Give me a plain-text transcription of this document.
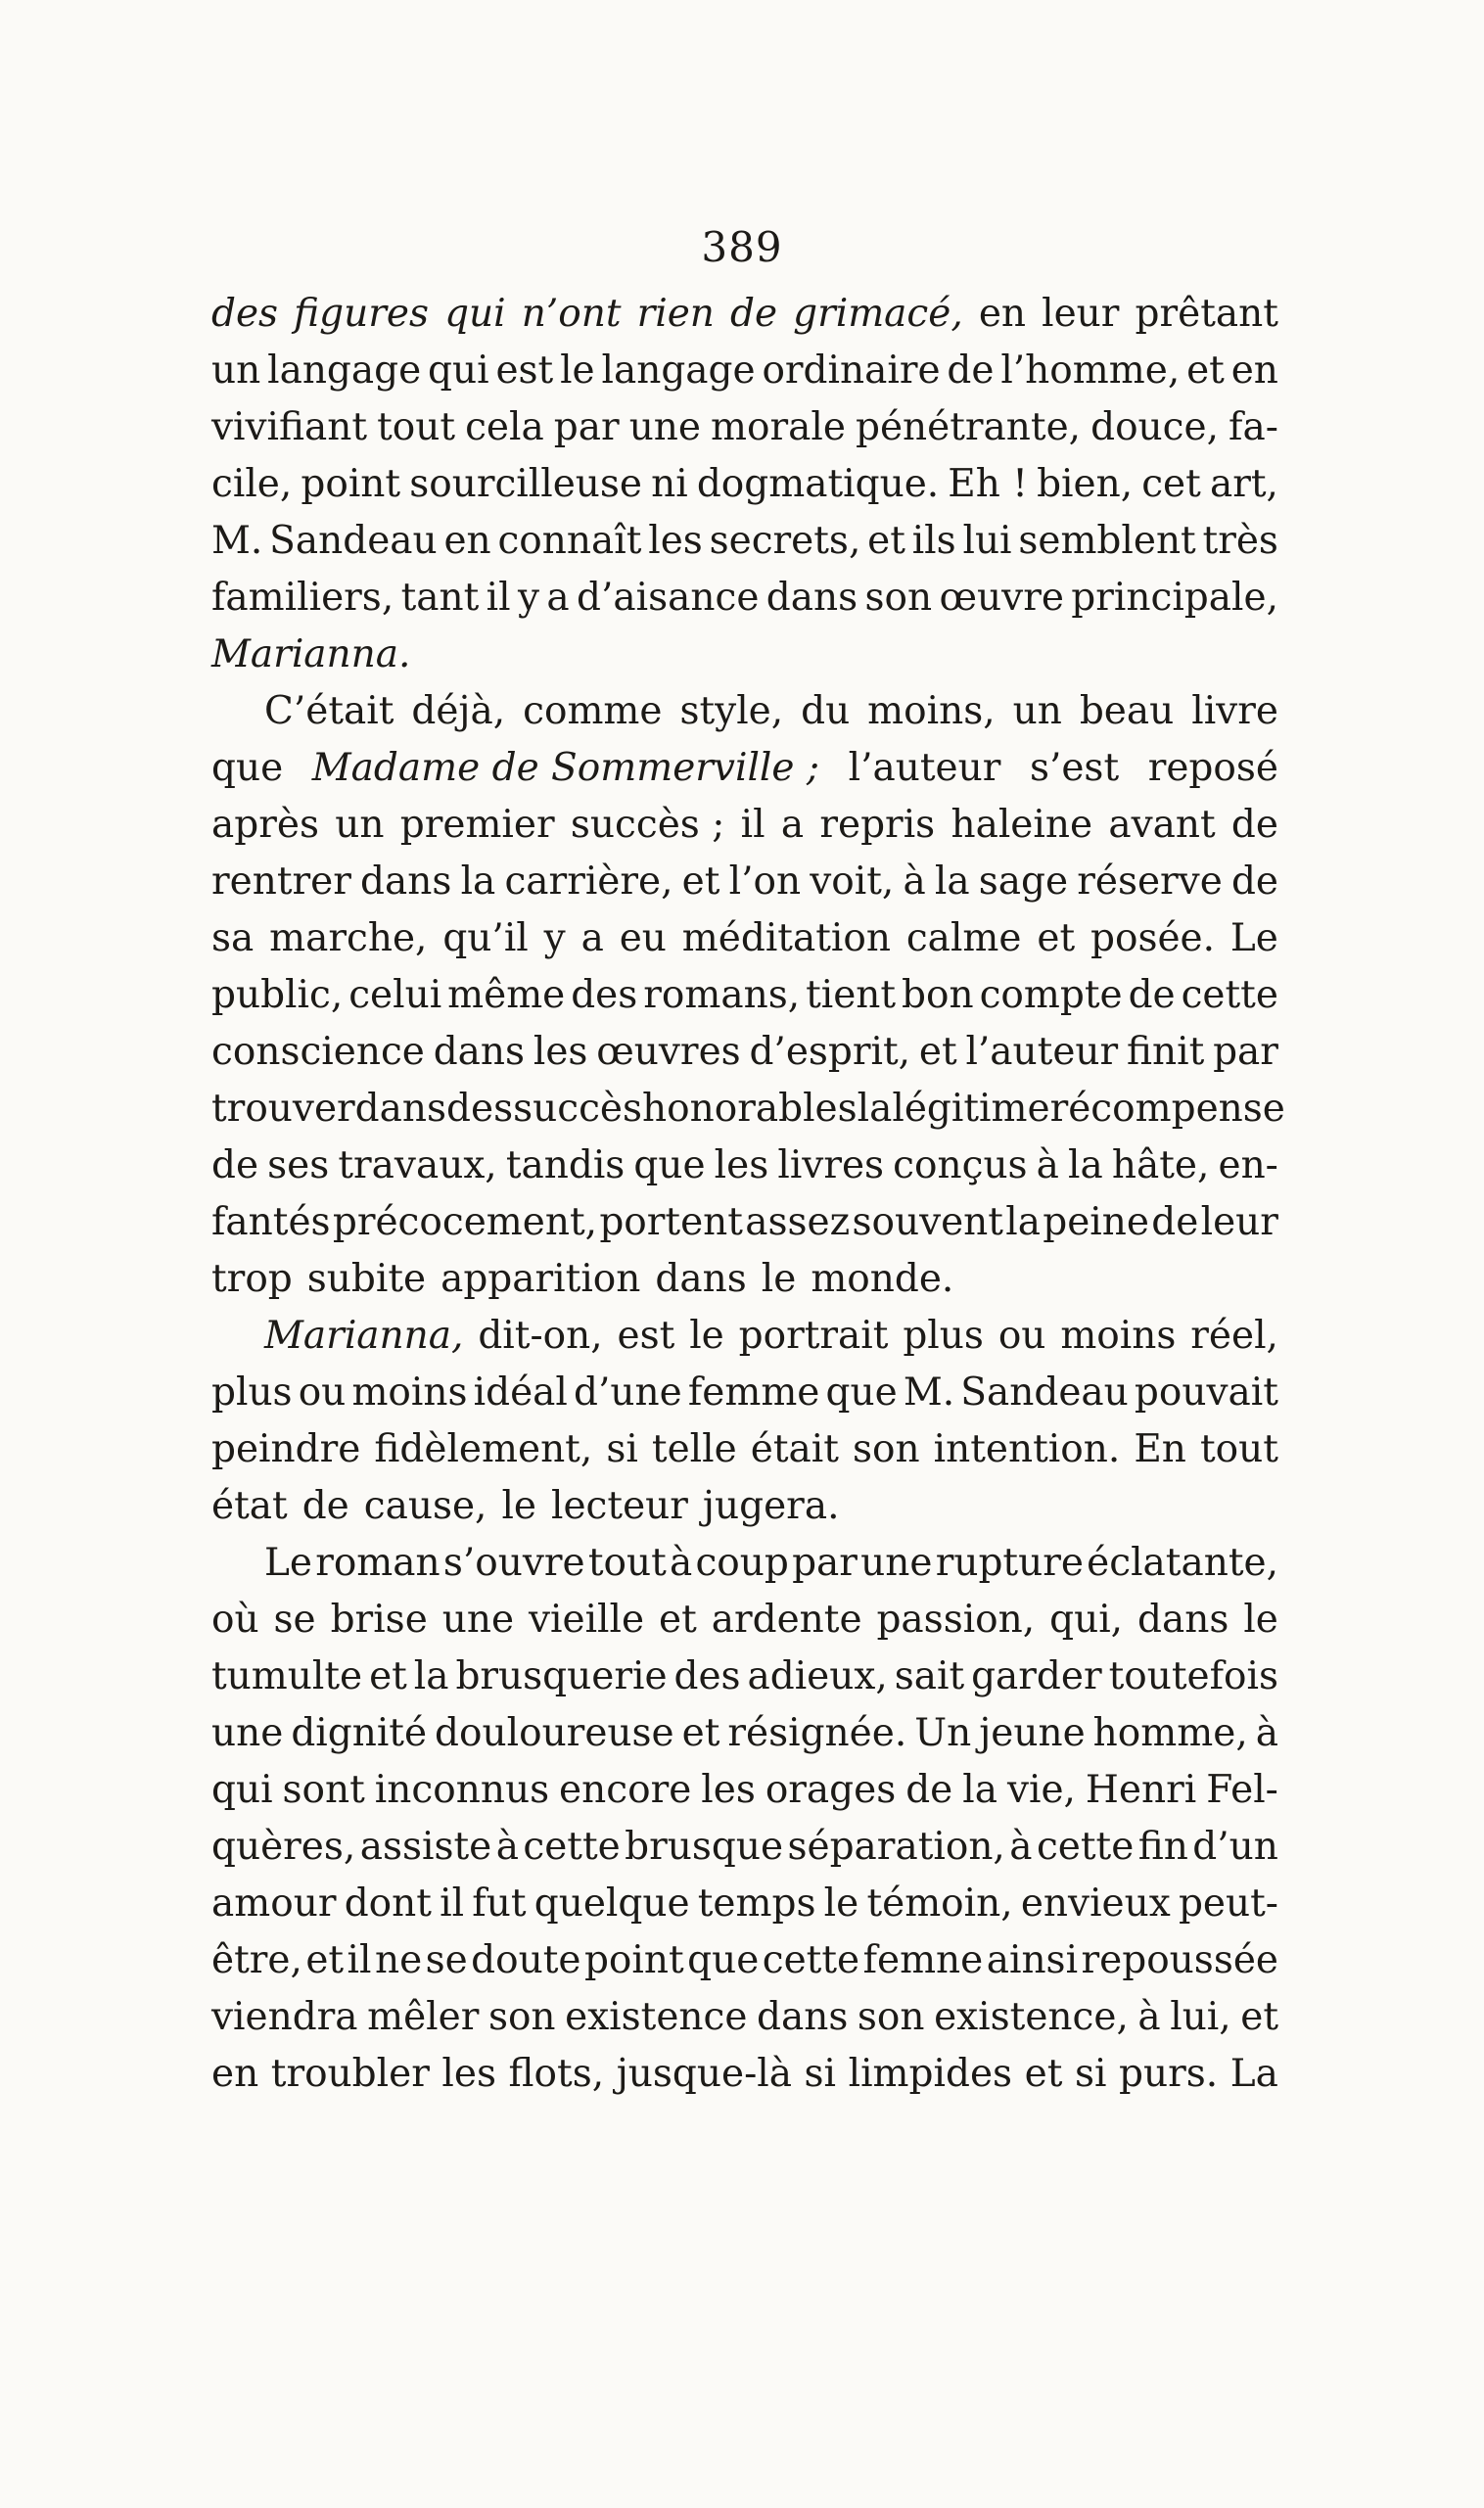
389
des figures qui n’ont rien de grimacé, en leur prêtant
un langage qui est le langage ordinaire de l’homme, et en
vivifiant tout cela par une morale pénétrante, douce, fa-
cile, point sourcilleuse ni dogmatique. Eh ! bien, cet art,
M. Sandeau en connaît les secrets, et ils lui semblent très
familiers, tant il y a d’aisance dans son œuvre principale,
Marianna.
C’était déjà, comme style, du moins, un beau livre
que Madame de Sommerville ; l’auteur s’est reposé
après un premier succès ; il a repris haleine avant de
rentrer dans la carrière, et l’on voit, à la sage réserve de
sa marche, qu’il y a eu méditation calme et posée. Le
public, celui même des romans, tient bon compte de cette
conscience dans les œuvres d’esprit, et l’auteur finit par
trouver dans des succès honorables la légitime récompense
de ses travaux, tandis que les livres conçus à la hâte, en-
fantés précocement, portent assez souvent la peine de leur
trop subite apparition dans le monde.
Marianna, dit-on, est le portrait plus ou moins réel,
plus ou moins idéal d’une femme que M. Sandeau pouvait
peindre fidèlement, si telle était son intention. En tout
état de cause, le lecteur jugera.
Le roman s’ouvre tout à coup par une rupture éclatante,
où se brise une vieille et ardente passion, qui, dans le
tumulte et la brusquerie des adieux, sait garder toutefois
une dignité douloureuse et résignée. Un jeune homme, à
qui sont inconnus encore les orages de la vie, Henri Fel-
quères, assiste à cette brusque séparation, à cette fin d’un
amour dont il fut quelque temps le témoin, envieux peut-
être, et il ne se doute point que cette femne ainsi repoussée
viendra mêler son existence dans son existence, à lui, et
en troubler les flots, jusque-là si limpides et si purs. La
